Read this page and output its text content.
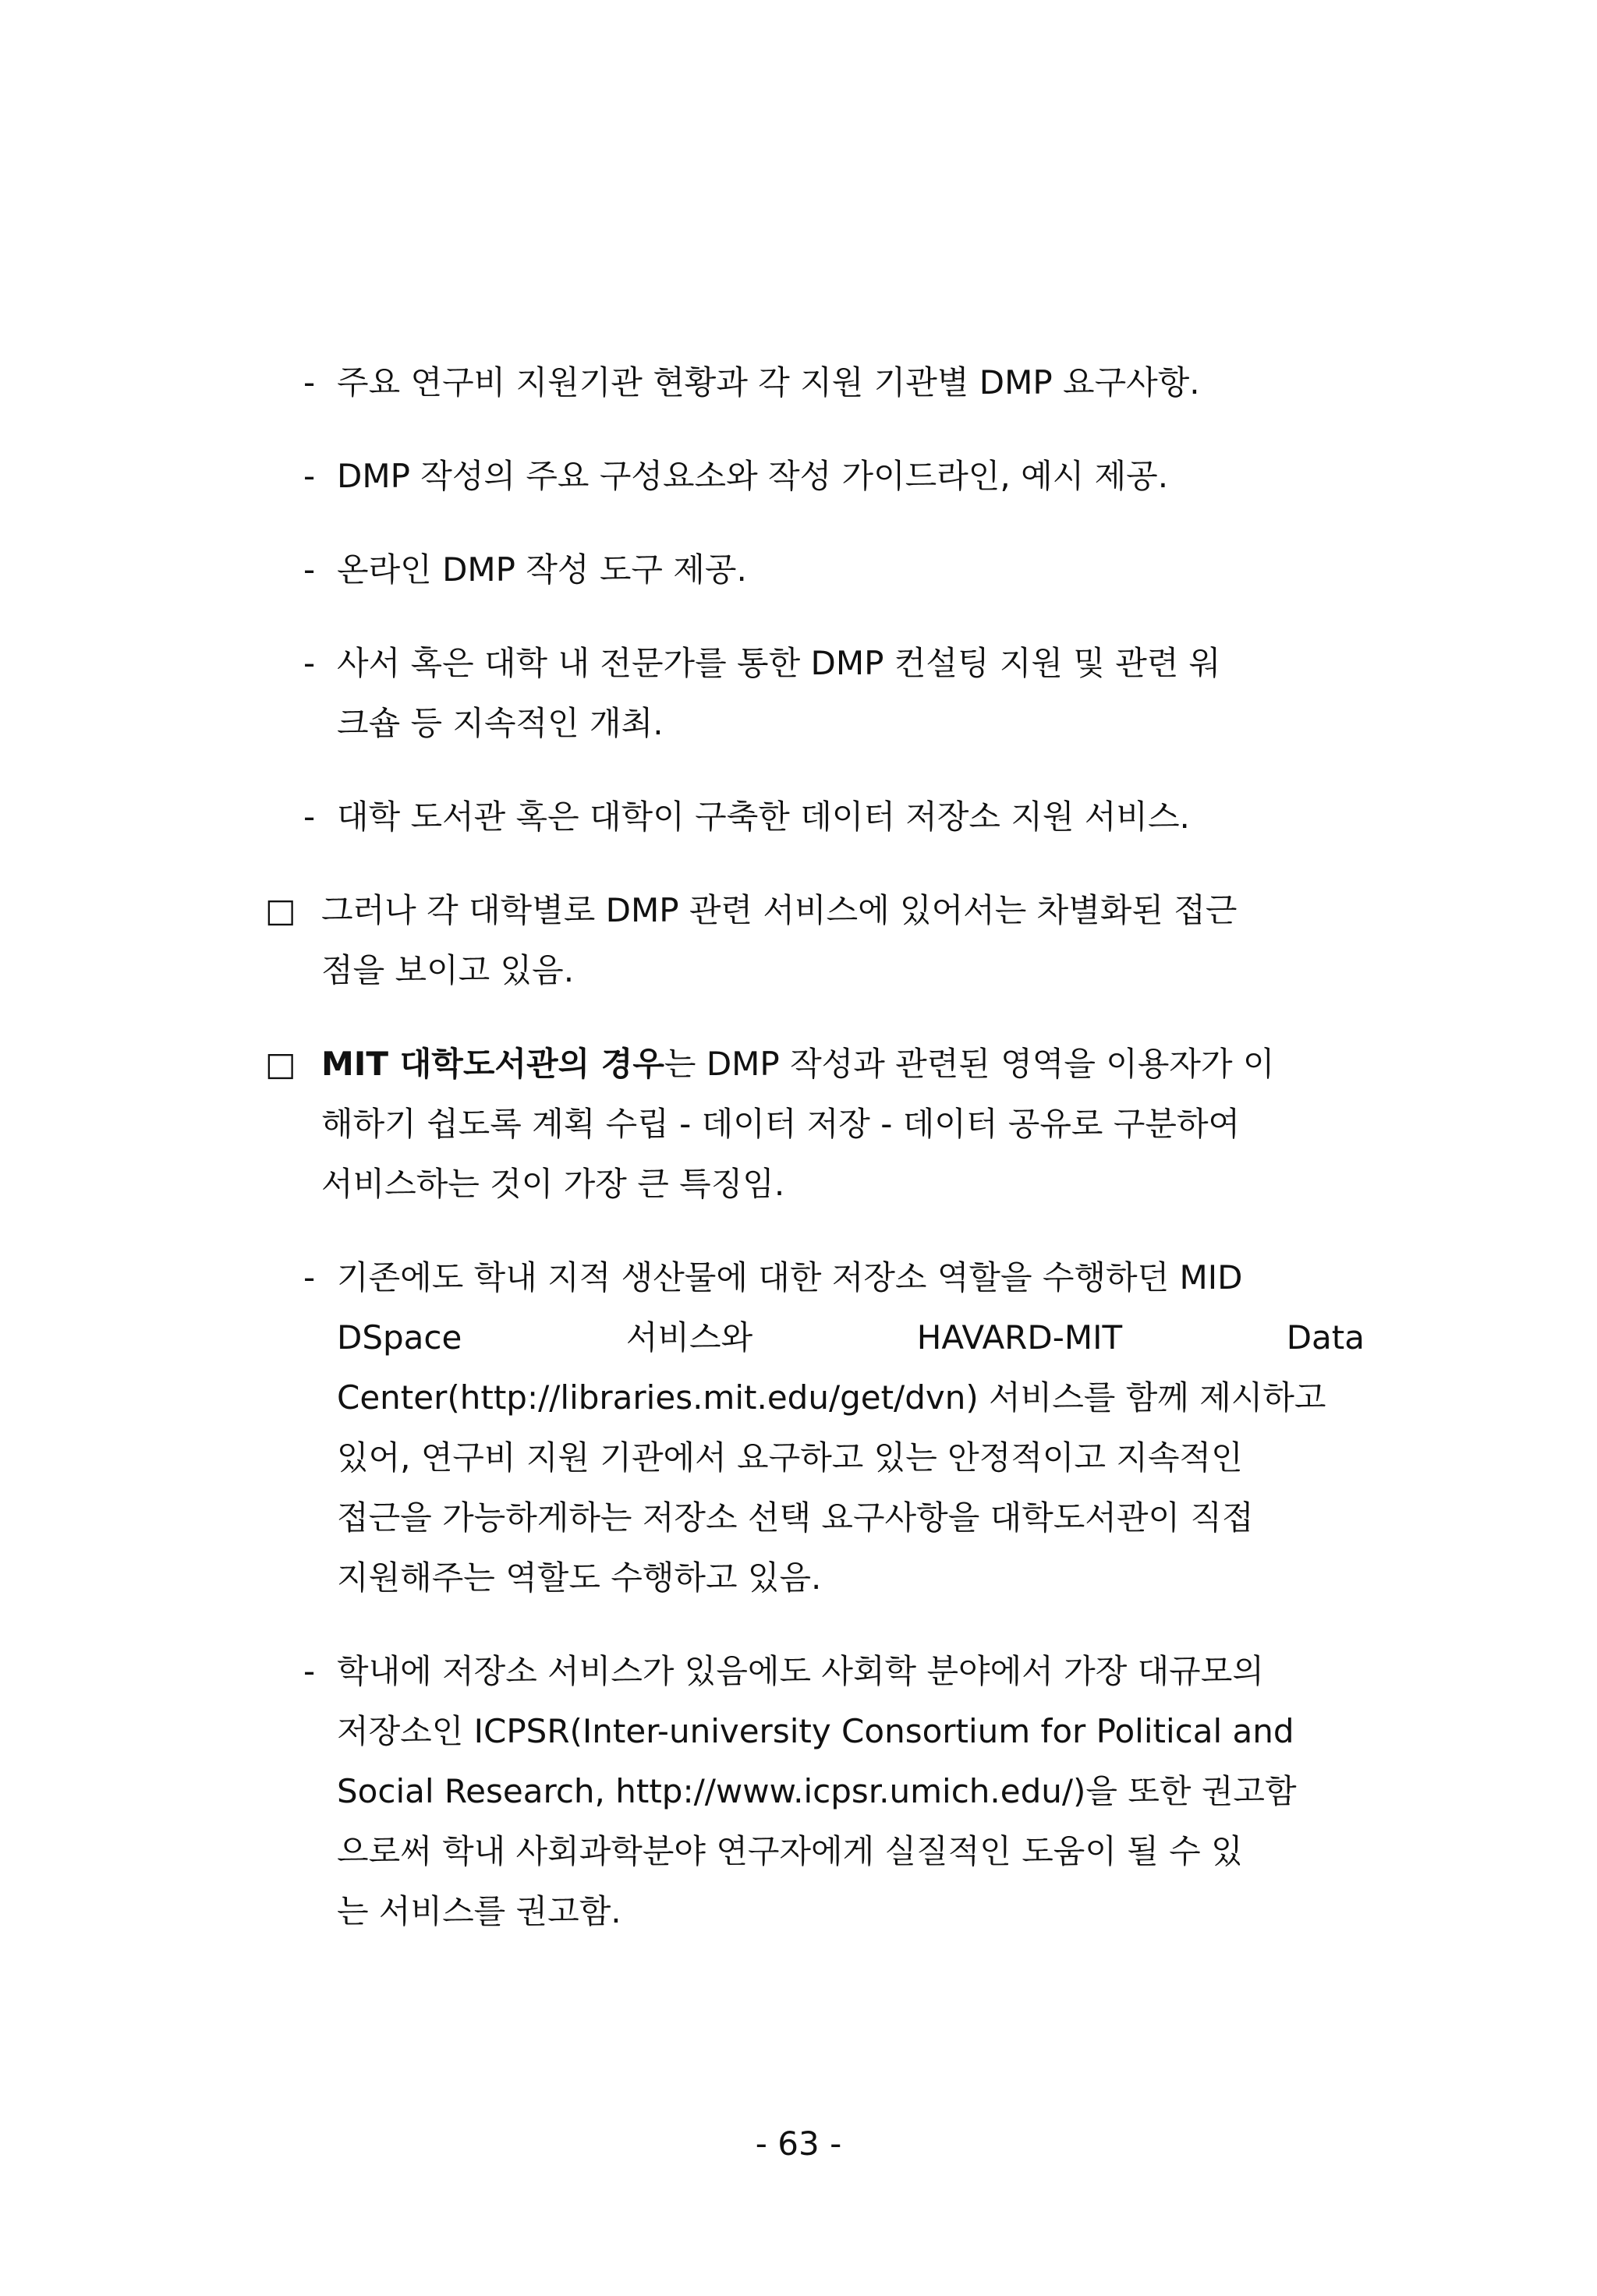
- 주요 연구비 지원기관 현황과 각 지원 기관별 DMP 요구사항.
- DMP 작성의 주요 구성요소와 작성 가이드라인, 예시 제공.
- 온라인 DMP 작성 도구 제공.
- 사서 혹은 대학 내 전문가를 통한 DMP 컨설팅 지원 및 관련 워
크숍 등 지속적인 개최.
- 대학 도서관 혹은 대학이 구축한 데이터 저장소 지원 서비스.
□ 그러나 각 대학별로 DMP 관련 서비스에 있어서는 차별화된 접근
점을 보이고 있음.
□ MIT 대학도서관의 경우는 DMP 작성과 관련된 영역을 이용자가 이
해하기 쉽도록 계획 수립 - 데이터 저장 - 데이터 공유로 구분하여
서비스하는 것이 가장 큰 특징임.
- 기존에도 학내 지적 생산물에 대한 저장소 역할을 수행하던 MID
DSpace	서비스와	HAVARD-MIT	Data
Center(http://libraries.mit.edu/get/dvn) 서비스를 함께 제시하고
있어, 연구비 지원 기관에서 요구하고 있는 안정적이고 지속적인
접근을 가능하게하는 저장소 선택 요구사항을 대학도서관이 직접
지원해주는 역할도 수행하고 있음.
- 학내에 저장소 서비스가 있음에도 사회학 분야에서 가장 대규모의
저장소인 ICPSR(Inter-university Consortium for Political and
Social Research, http://www.icpsr.umich.edu/)을 또한 권고함
으로써 학내 사회과학분야 연구자에게 실질적인 도움이 될 수 있
는 서비스를 권고함.
- 63 -
